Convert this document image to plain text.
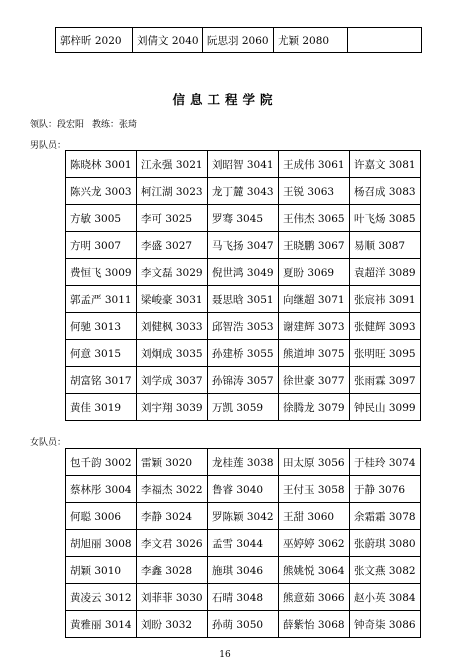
郭梓昕 2020	刘倩文 2040	阮思羽 2060	尤颖 2080	
信息工程学院
领队：段宏阳 教练：张琦
男队员：
陈晓林 3001	江永强 3021	刘昭智 3041	王成伟 3061	许嘉文 3081
陈兴龙 3003	柯江湖 3023	龙丁麓 3043	王锐 3063	杨召成 3083
方敏 3005	李可 3025	罗骞 3045	王伟杰 3065	叶飞炀 3085
方明 3007	李盛 3027	马飞扬 3047	王晓鹏 3067	易顺 3087
费恒飞 3009	李文磊 3029	倪世鸿 3049	夏盼 3069	袁超洋 3089
郭孟严 3011	梁峻豪 3031	聂思晗 3051	向继超 3071	张宸祎 3091
何驰 3013	刘健枫 3033	邱智浩 3053	谢建辉 3073	张健辉 3093
何意 3015	刘炯成 3035	孙建桥 3055	熊道坤 3075	张明旺 3095
胡富铭 3017	刘学成 3037	孙锦涛 3057	徐世豪 3077	张雨霖 3097
黄佳 3019	刘宇翔 3039	万凯 3059	徐腾龙 3079	钟民山 3099
女队员：
包千韵 3002	雷颖 3020	龙桂莲 3038	田太原 3056	于桂玲 3074
蔡林彤 3004	李福杰 3022	鲁睿 3040	王付玉 3058	于静 3076
何聪 3006	李静 3024	罗陈颖 3042	王甜 3060	余霜霜 3078
胡旭丽 3008	李文君 3026	孟雪 3044	巫婷婷 3062	张蔚琪 3080
胡颖 3010	李鑫 3028	施琪 3046	熊姚悦 3064	张文燕 3082
黄凌云 3012	刘菲菲 3030	石晴 3048	熊意茹 3066	赵小英 3084
黄雅丽 3014	刘盼 3032	孙萌 3050	薛紫怡 3068	钟奇柒 3086
16
